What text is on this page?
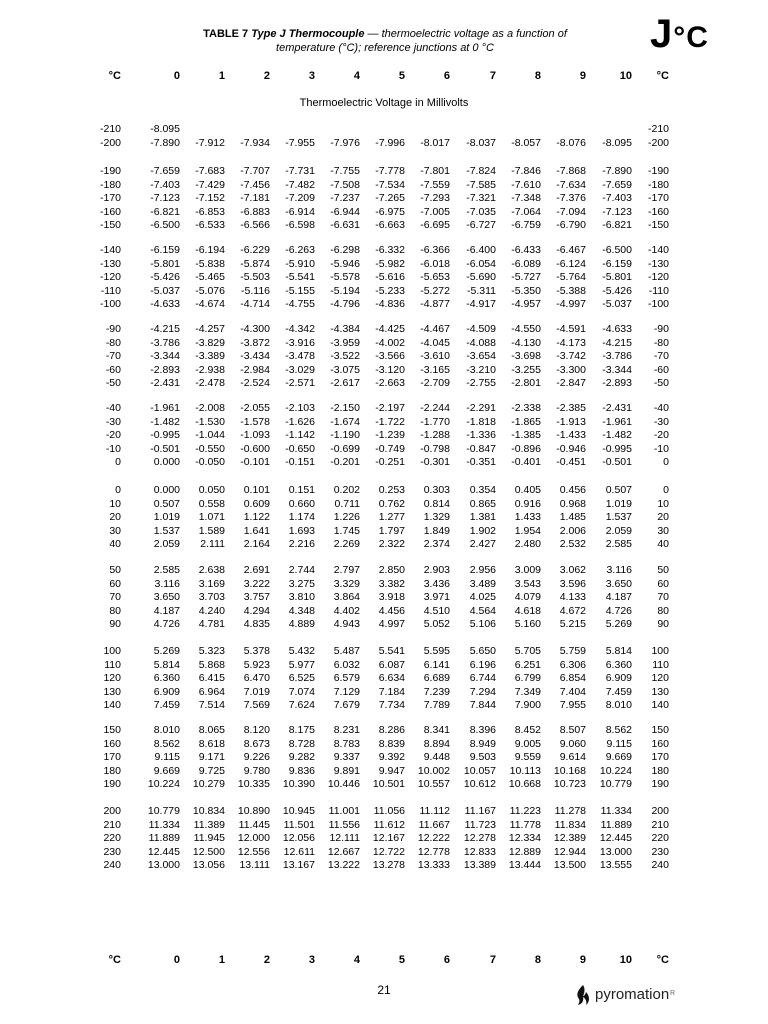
TABLE 7 Type J Thermocouple — thermoelectric voltage as a function of
temperature (°C); reference junctions at 0 °C	J°C
°C	0	1	2	3	4	5	6	7	8	9	10	°C
Thermoelectric Voltage in Millivolts
-210	-8.095	-210
-200	-7.890	-7.912	-7.934	-7.955	-7.976	-7.996	-8.017	-8.037	-8.057	-8.076	-8.095	-200
-190	-7.659	-7.683	-7.707	-7.731	-7.755	-7.778	-7.801	-7.824	-7.846	-7.868	-7.890	-190
-180	-7.403	-7.429	-7.456	-7.482	-7.508	-7.534	-7.559	-7.585	-7.610	-7.634	-7.659	-180
-170	-7.123	-7.152	-7.181	-7.209	-7.237	-7.265	-7.293	-7.321	-7.348	-7.376	-7.403	-170
-160	-6.821	-6.853	-6.883	-6.914	-6.944	-6.975	-7.005	-7.035	-7.064	-7.094	-7.123	-160
-150	-6.500	-6.533	-6.566	-6.598	-6.631	-6.663	-6.695	-6.727	-6.759	-6.790	-6.821	-150
-140	-6.159	-6.194	-6.229	-6.263	-6.298	-6.332	-6.366	-6.400	-6.433	-6.467	-6.500	-140
-130	-5.801	-5.838	-5.874	-5.910	-5.946	-5.982	-6.018	-6.054	-6.089	-6.124	-6.159	-130
-120	-5.426	-5.465	-5.503	-5.541	-5.578	-5.616	-5.653	-5.690	-5.727	-5.764	-5.801	-120
-110	-5.037	-5.076	-5.116	-5.155	-5.194	-5.233	-5.272	-5.311	-5.350	-5.388	-5.426	-110
-100	-4.633	-4.674	-4.714	-4.755	-4.796	-4.836	-4.877	-4.917	-4.957	-4.997	-5.037	-100
-90	-4.215	-4.257	-4.300	-4.342	-4.384	-4.425	-4.467	-4.509	-4.550	-4.591	-4.633	-90
-80	-3.786	-3.829	-3.872	-3.916	-3.959	-4.002	-4.045	-4.088	-4.130	-4.173	-4.215	-80
-70	-3.344	-3.389	-3.434	-3.478	-3.522	-3.566	-3.610	-3.654	-3.698	-3.742	-3.786	-70
-60	-2.893	-2.938	-2.984	-3.029	-3.075	-3.120	-3.165	-3.210	-3.255	-3.300	-3.344	-60
-50	-2.431	-2.478	-2.524	-2.571	-2.617	-2.663	-2.709	-2.755	-2.801	-2.847	-2.893	-50
-40	-1.961	-2.008	-2.055	-2.103	-2.150	-2.197	-2.244	-2.291	-2.338	-2.385	-2.431	-40
-30	-1.482	-1.530	-1.578	-1.626	-1.674	-1.722	-1.770	-1.818	-1.865	-1.913	-1.961	-30
-20	-0.995	-1.044	-1.093	-1.142	-1.190	-1.239	-1.288	-1.336	-1.385	-1.433	-1.482	-20
-10	-0.501	-0.550	-0.600	-0.650	-0.699	-0.749	-0.798	-0.847	-0.896	-0.946	-0.995	-10
0	0.000	-0.050	-0.101	-0.151	-0.201	-0.251	-0.301	-0.351	-0.401	-0.451	-0.501	0
0	0.000	0.050	0.101	0.151	0.202	0.253	0.303	0.354	0.405	0.456	0.507	0
10	0.507	0.558	0.609	0.660	0.711	0.762	0.814	0.865	0.916	0.968	1.019	10
20	1.019	1.071	1.122	1.174	1.226	1.277	1.329	1.381	1.433	1.485	1.537	20
30	1.537	1.589	1.641	1.693	1.745	1.797	1.849	1.902	1.954	2.006	2.059	30
40	2.059	2.111	2.164	2.216	2.269	2.322	2.374	2.427	2.480	2.532	2.585	40
50	2.585	2.638	2.691	2.744	2.797	2.850	2.903	2.956	3.009	3.062	3.116	50
60	3.116	3.169	3.222	3.275	3.329	3.382	3.436	3.489	3.543	3.596	3.650	60
70	3.650	3.703	3.757	3.810	3.864	3.918	3.971	4.025	4.079	4.133	4.187	70
80	4.187	4.240	4.294	4.348	4.402	4.456	4.510	4.564	4.618	4.672	4.726	80
90	4.726	4.781	4.835	4.889	4.943	4.997	5.052	5.106	5.160	5.215	5.269	90
100	5.269	5.323	5.378	5.432	5.487	5.541	5.595	5.650	5.705	5.759	5.814	100
110	5.814	5.868	5.923	5.977	6.032	6.087	6.141	6.196	6.251	6.306	6.360	110
120	6.360	6.415	6.470	6.525	6.579	6.634	6.689	6.744	6.799	6.854	6.909	120
130	6.909	6.964	7.019	7.074	7.129	7.184	7.239	7.294	7.349	7.404	7.459	130
140	7.459	7.514	7.569	7.624	7.679	7.734	7.789	7.844	7.900	7.955	8.010	140
150	8.010	8.065	8.120	8.175	8.231	8.286	8.341	8.396	8.452	8.507	8.562	150
160	8.562	8.618	8.673	8.728	8.783	8.839	8.894	8.949	9.005	9.060	9.115	160
170	9.115	9.171	9.226	9.282	9.337	9.392	9.448	9.503	9.559	9.614	9.669	170
180	9.669	9.725	9.780	9.836	9.891	9.947	10.002	10.057	10.113	10.168	10.224	180
190	10.224	10.279	10.335	10.390	10.446	10.501	10.557	10.612	10.668	10.723	10.779	190
200	10.779	10.834	10.890	10.945	11.001	11.056	11.112	11.167	11.223	11.278	11.334	200
210	11.334	11.389	11.445	11.501	11.556	11.612	11.667	11.723	11.778	11.834	11.889	210
220	11.889	11.945	12.000	12.056	12.111	12.167	12.222	12.278	12.334	12.389	12.445	220
230	12.445	12.500	12.556	12.611	12.667	12.722	12.778	12.833	12.889	12.944	13.000	230
240	13.000	13.056	13.111	13.167	13.222	13.278	13.333	13.389	13.444	13.500	13.555	240
°C	0	1	2	3	4	5	6	7	8	9	10	°C
21	pyromation R
